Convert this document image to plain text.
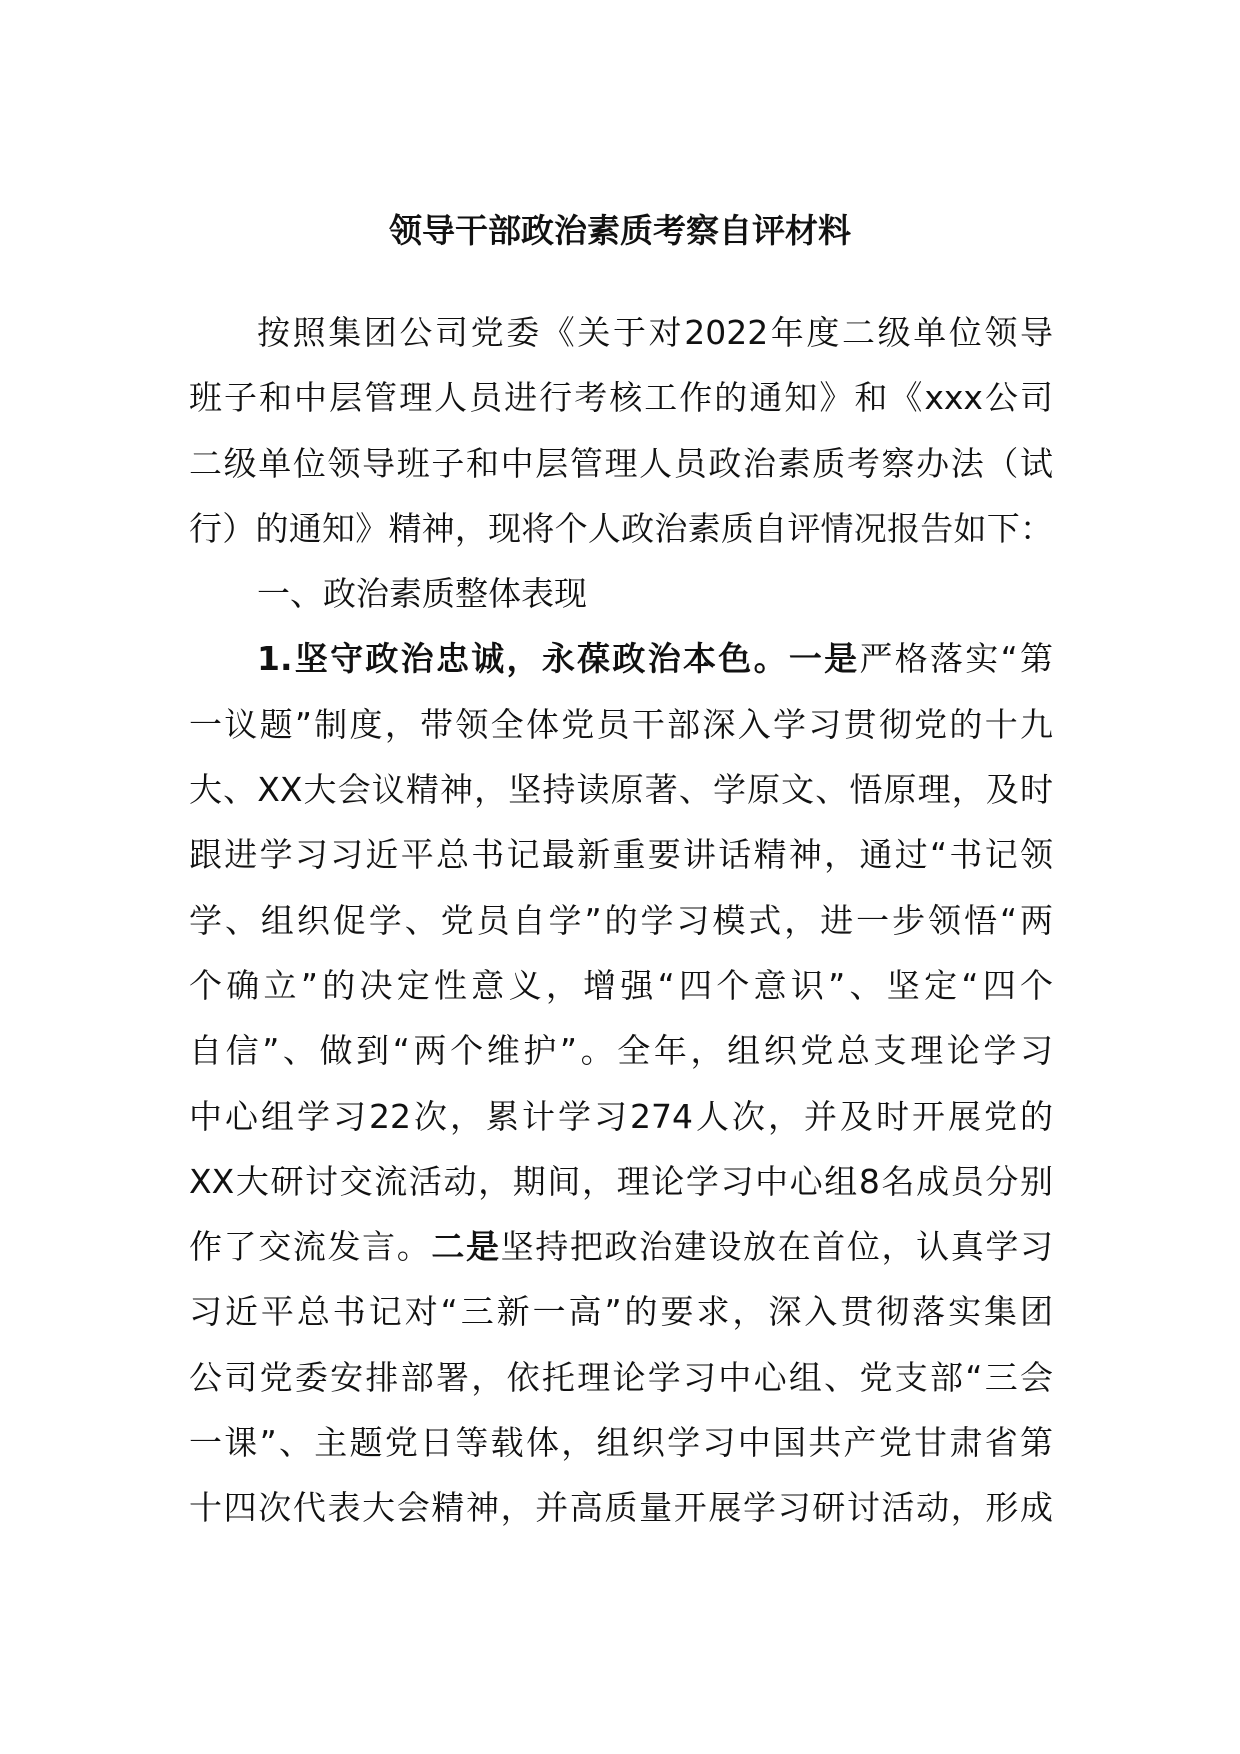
领导干部政治素质考察自评材料
按照集团公司党委《关于对2022年度二级单位领导
班子和中层管理人员进行考核工作的通知》和《xxx公司
二级单位领导班子和中层管理人员政治素质考察办法（试
行）的通知》精神，现将个人政治素质自评情况报告如下：
一、政治素质整体表现
1.坚守政治忠诚，永葆政治本色。一是严格落实“第
一议题”制度，带领全体党员干部深入学习贯彻党的十九
大、XX大会议精神，坚持读原著、学原文、悟原理，及时
跟进学习习近平总书记最新重要讲话精神，通过“书记领
学、组织促学、党员自学”的学习模式，进一步领悟“两
个确立”的决定性意义，增强“四个意识”、坚定“四个
自信”、做到“两个维护”。全年，组织党总支理论学习
中心组学习22次，累计学习274人次，并及时开展党的
XX大研讨交流活动，期间，理论学习中心组8名成员分别
作了交流发言。二是坚持把政治建设放在首位，认真学习
习近平总书记对“三新一高”的要求，深入贯彻落实集团
公司党委安排部署，依托理论学习中心组、党支部“三会
一课”、主题党日等载体，组织学习中国共产党甘肃省第
十四次代表大会精神，并高质量开展学习研讨活动，形成
